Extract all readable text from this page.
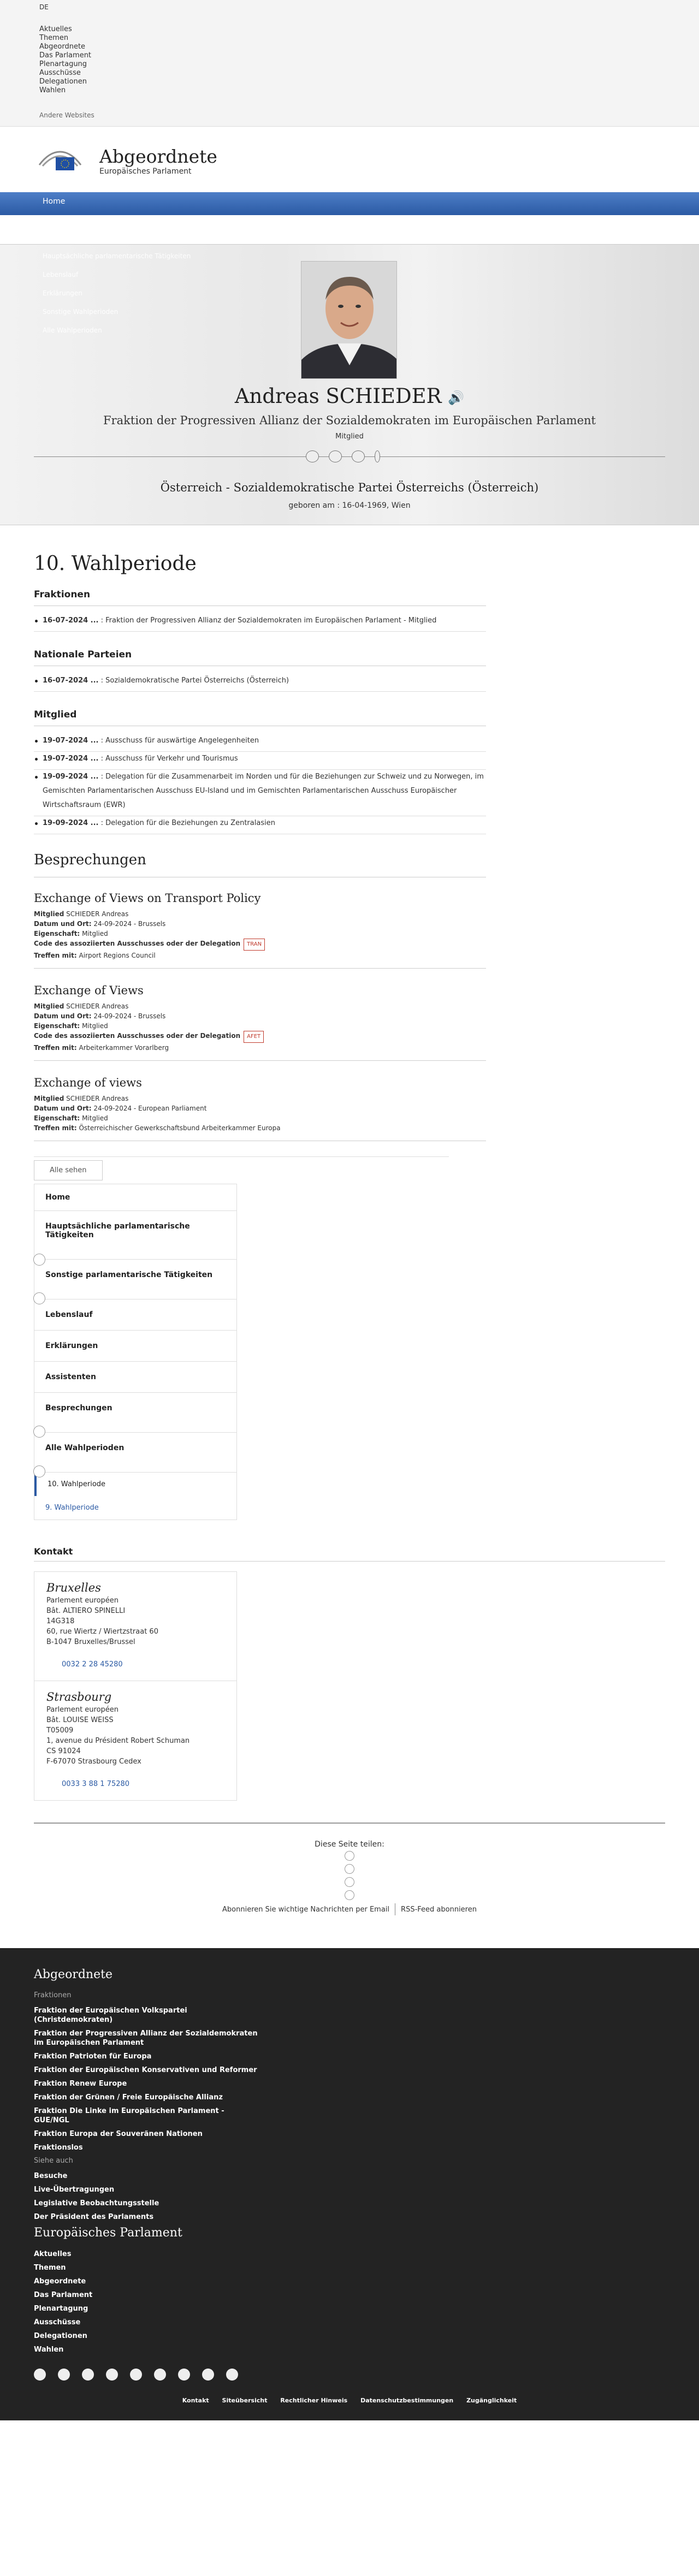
DE
Aktuelles
Themen
Abgeordnete
Das Parlament
Plenartagung
Ausschüsse
Delegationen
Wahlen
Andere Websites
Abgeordnete
Europäisches Parlament
Home
Hauptsächliche parlamentarische Tätigkeiten
Lebenslauf
Erklärungen
Sonstige Wahlperioden
Alle Wahlperioden
Andreas SCHIEDER 🔊
Fraktion der Progressiven Allianz der Sozialdemokraten im Europäischen Parlament
Mitglied
Österreich - Sozialdemokratische Partei Österreichs (Österreich)
geboren am : 16-04-1969, Wien
10. Wahlperiode
Fraktionen
16-07-2024 ... : Fraktion der Progressiven Allianz der Sozialdemokraten im Europäischen Parlament - Mitglied
Nationale Parteien
16-07-2024 ... : Sozialdemokratische Partei Österreichs (Österreich)
Mitglied
19-07-2024 ... : Ausschuss für auswärtige Angelegenheiten
19-07-2024 ... : Ausschuss für Verkehr und Tourismus
19-09-2024 ... : Delegation für die Zusammenarbeit im Norden und für die Beziehungen zur Schweiz und zu Norwegen, im Gemischten Parlamentarischen Ausschuss EU-Island und im Gemischten Parlamentarischen Ausschuss Europäischer Wirtschaftsraum (EWR)
19-09-2024 ... : Delegation für die Beziehungen zu Zentralasien
Besprechungen
Exchange of Views on Transport Policy
Mitglied SCHIEDER Andreas
Datum und Ort: 24-09-2024 - Brussels
Eigenschaft: Mitglied
Code des assoziierten Ausschusses oder der Delegation TRAN
Treffen mit: Airport Regions Council
Exchange of Views
Mitglied SCHIEDER Andreas
Datum und Ort: 24-09-2024 - Brussels
Eigenschaft: Mitglied
Code des assoziierten Ausschusses oder der Delegation AFET
Treffen mit: Arbeiterkammer Vorarlberg
Exchange of views
Mitglied SCHIEDER Andreas
Datum und Ort: 24-09-2024 - European Parliament
Eigenschaft: Mitglied
Treffen mit: Österreichischer Gewerkschaftsbund Arbeiterkammer Europa
Alle sehen
Home
Hauptsächliche parlamentarische Tätigkeiten
Sonstige parlamentarische Tätigkeiten
Lebenslauf
Erklärungen
Assistenten
Besprechungen
Alle Wahlperioden
10. Wahlperiode
9. Wahlperiode
Kontakt
Bruxelles
Parlement européen
Bât. ALTIERO SPINELLI
14G318
60, rue Wiertz / Wiertzstraat 60
B-1047 Bruxelles/Brussel
0032 2 28 45280
Strasbourg
Parlement européen
Bât. LOUISE WEISS
T05009
1, avenue du Président Robert Schuman
CS 91024
F-67070 Strasbourg Cedex
0033 3 88 1 75280
Diese Seite teilen:
Abonnieren Sie wichtige Nachrichten per Email RSS-Feed abonnieren
Abgeordnete
Fraktionen
Fraktion der Europäischen Volkspartei (Christdemokraten)
Fraktion der Progressiven Allianz der Sozialdemokraten im Europäischen Parlament
Fraktion Patrioten für Europa
Fraktion der Europäischen Konservativen und Reformer
Fraktion Renew Europe
Fraktion der Grünen / Freie Europäische Allianz
Fraktion Die Linke im Europäischen Parlament - GUE/NGL
Fraktion Europa der Souveränen Nationen
Fraktionslos
Siehe auch
Besuche
Live-Übertragungen
Legislative Beobachtungsstelle
Der Präsident des Parlaments
Europäisches Parlament
Aktuelles
Themen
Abgeordnete
Das Parlament
Plenartagung
Ausschüsse
Delegationen
Wahlen
Kontakt Siteübersicht Rechtlicher Hinweis Datenschutzbestimmungen Zugänglichkeit
